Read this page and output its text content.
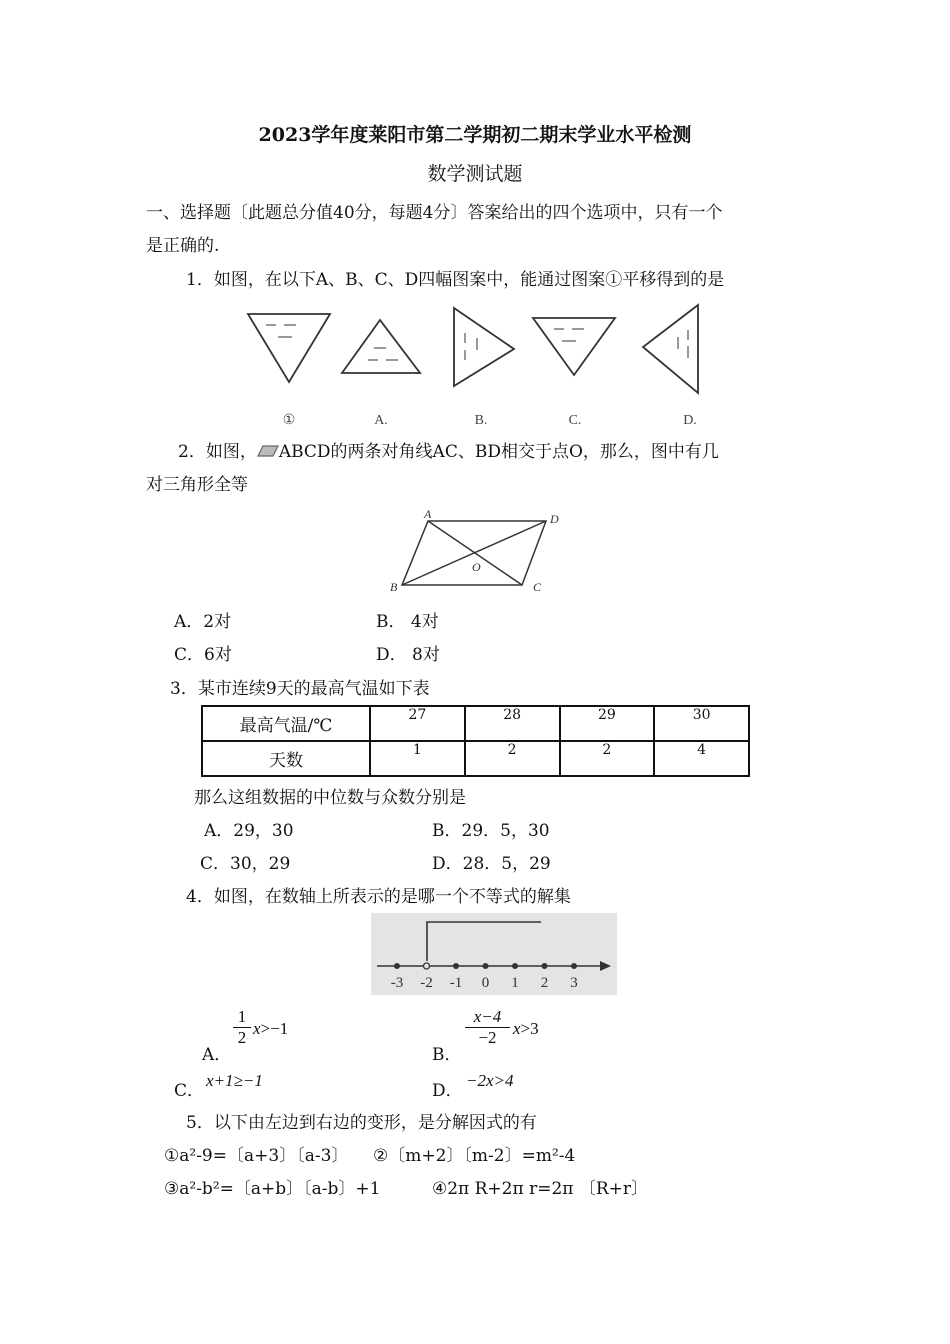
2023学年度莱阳市第二学期初二期末学业水平检测
数学测试题
一、选择题〔此题总分值40分，每题4分〕答案给出的四个选项中，只有一个
是正确的.
1．如图，在以下A、B、C、D四幅图案中，能通过图案①平移得到的是
①	A.	B.	C.	D.
2．如图， ABCD的两条对角线AC、BD相交于点O，那么，图中有几
对三角形全等
A	D
B	C
O
A．2对	B． 4对
C．6对	D． 8对
3．某市连续9天的最高气温如下表
最高气温/℃	27	28	29	30
天数	1	2	2	4
那么这组数据的中位数与众数分别是
A．29，30	B．29．5，30
C．30，29	D．28．5，29
4．如图，在数轴上所表示的是哪一个不等式的解集
-3 -2 -1 0 1 2 3
A．
$\frac{1}{2} x>-1$
B．
$\frac{x-4}{-2} x>3$
C．
x+1≥−1
D．
−2x>4
5．以下由左边到右边的变形，是分解因式的有
①a²-9=〔a+3〕〔a-3〕 ②〔m+2〕〔m-2〕=m²-4
③a²-b²=〔a+b〕〔a-b〕+1	④2π R+2π r=2π 〔R+r〕
